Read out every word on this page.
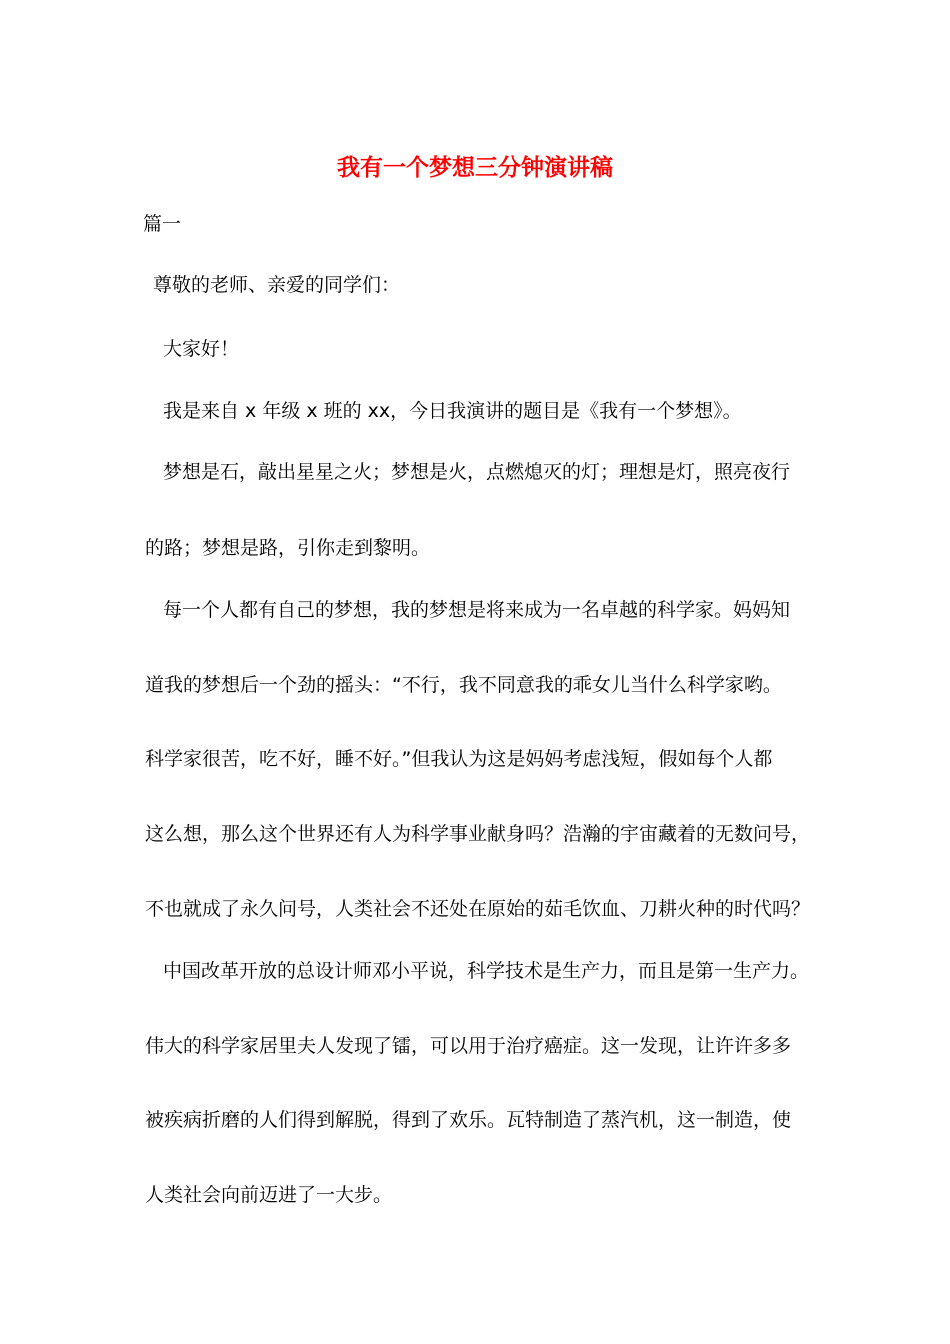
我有一个梦想三分钟演讲稿
篇一
尊敬的老师、亲爱的同学们：
大家好！
我是来自 x 年级 x 班的 xx，今日我演讲的题目是《我有一个梦想》。
梦想是石，敲出星星之火；梦想是火，点燃熄灭的灯；理想是灯，照亮夜行
的路；梦想是路，引你走到黎明。
每一个人都有自己的梦想，我的梦想是将来成为一名卓越的科学家。妈妈知
道我的梦想后一个劲的摇头：“不行，我不同意我的乖女儿当什么科学家哟。
科学家很苦，吃不好，睡不好。”但我认为这是妈妈考虑浅短，假如每个人都
这么想，那么这个世界还有人为科学事业献身吗？浩瀚的宇宙藏着的无数问号，
不也就成了永久问号，人类社会不还处在原始的茹毛饮血、刀耕火种的时代吗？
中国改革开放的总设计师邓小平说，科学技术是生产力，而且是第一生产力。
伟大的科学家居里夫人发现了镭，可以用于治疗癌症。这一发现，让许许多多
被疾病折磨的人们得到解脱，得到了欢乐。瓦特制造了蒸汽机，这一制造，使
人类社会向前迈进了一大步。
